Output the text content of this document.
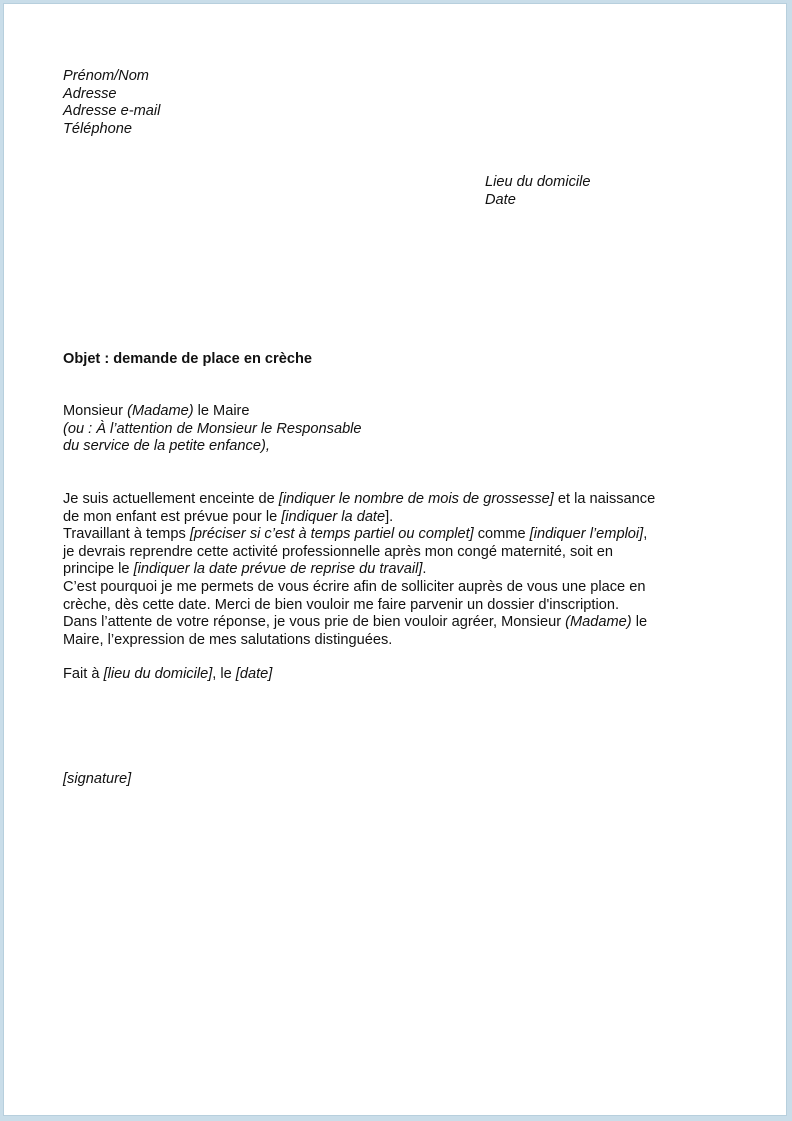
Prénom/Nom
Adresse
Adresse e-mail
Téléphone
Lieu du domicile
Date
Objet : demande de place en crèche
Monsieur (Madame) le Maire
(ou : À l’attention de Monsieur le Responsable
du service de la petite enfance),
Je suis actuellement enceinte de [indiquer le nombre de mois de grossesse] et la naissance
de mon enfant est prévue pour le [indiquer la date].
Travaillant à temps [préciser si c’est à temps partiel ou complet] comme [indiquer l’emploi],
je devrais reprendre cette activité professionnelle après mon congé maternité, soit en
principe le [indiquer la date prévue de reprise du travail].
C’est pourquoi je me permets de vous écrire afin de solliciter auprès de vous une place en
crèche, dès cette date. Merci de bien vouloir me faire parvenir un dossier d'inscription.
Dans l’attente de votre réponse, je vous prie de bien vouloir agréer, Monsieur (Madame) le
Maire, l’expression de mes salutations distinguées.
Fait à [lieu du domicile], le [date]
[signature]
